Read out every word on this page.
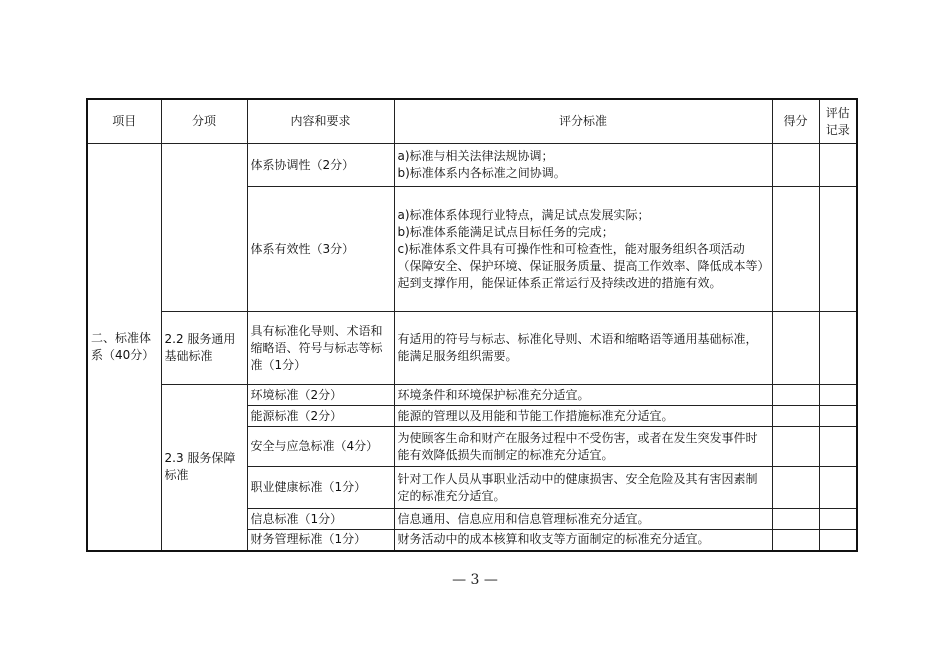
项目	分项	内容和要求	评分标准	得分	评估
记录

二、标准体系（40分）		体系协调性（2分）	a)标准与相关法律法规协调；
b)标准体系内各标准之间协调。		

		体系有效性（3分）	a)标准体系体现行业特点，满足试点发展实际；
b)标准体系能满足试点目标任务的完成；
c)标准体系文件具有可操作性和可检查性，能对服务组织各项活动（保障安全、保护环境、保证服务质量、提高工作效率、降低成本等）起到支撑作用，能保证体系正常运行及持续改进的措施有效。		

	2.2 服务通用基础标准	具有标准化导则、术语和缩略语、符号与标志等标准（1分）	有适用的符号与标志、标准化导则、术语和缩略语等通用基础标准，能满足服务组织需要。		
	2.3 服务保障标准	环境标准（2分）	环境条件和环境保护标准充分适宜。		
		能源标准（2分）	能源的管理以及用能和节能工作措施标准充分适宜。		
		安全与应急标准（4分）	为使顾客生命和财产在服务过程中不受伤害，或者在发生突发事件时能有效降低损失而制定的标准充分适宜。		
		职业健康标准（1分）	针对工作人员从事职业活动中的健康损害、安全危险及其有害因素制定的标准充分适宜。		
		信息标准（1分）	信息通用、信息应用和信息管理标准充分适宜。		
		财务管理标准（1分）	财务活动中的成本核算和收支等方面制定的标准充分适宜。		
— 3 —
